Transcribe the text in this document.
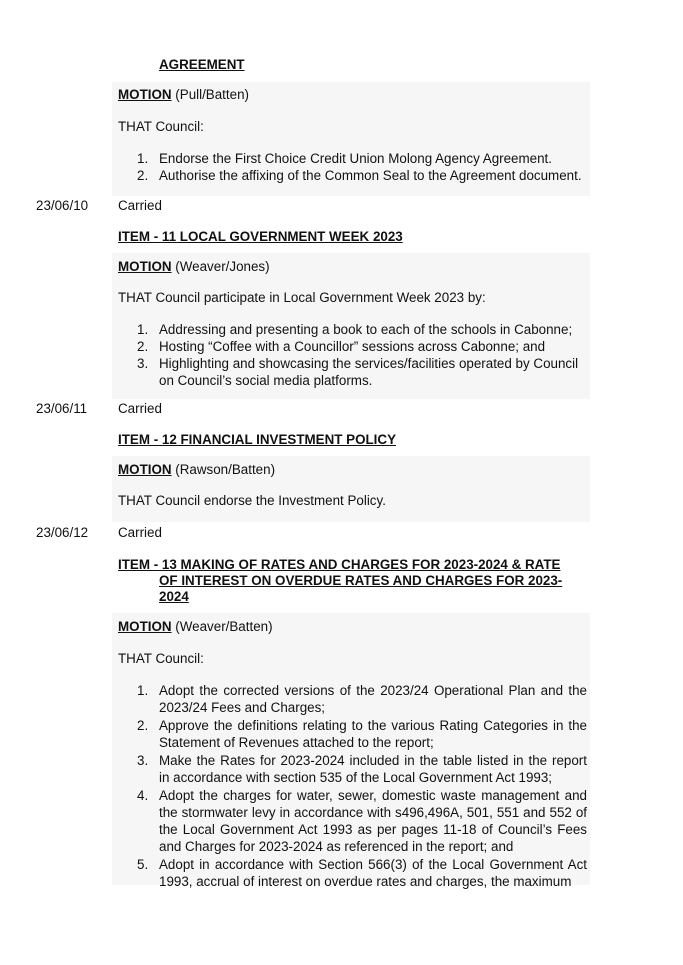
AGREEMENT
MOTION (Pull/Batten)
THAT Council:
1. Endorse the First Choice Credit Union Molong Agency Agreement.
2. Authorise the affixing of the Common Seal to the Agreement document.
23/06/10 Carried
ITEM - 11 LOCAL GOVERNMENT WEEK 2023
MOTION (Weaver/Jones)
THAT Council participate in Local Government Week 2023 by:
1. Addressing and presenting a book to each of the schools in Cabonne;
2. Hosting “Coffee with a Councillor” sessions across Cabonne; and
3. Highlighting and showcasing the services/facilities operated by Council on Council’s social media platforms.
23/06/11 Carried
ITEM - 12 FINANCIAL INVESTMENT POLICY
MOTION (Rawson/Batten)
THAT Council endorse the Investment Policy.
23/06/12 Carried
ITEM - 13 MAKING OF RATES AND CHARGES FOR 2023-2024 & RATE
OF INTEREST ON OVERDUE RATES AND CHARGES FOR 2023-
2024
MOTION (Weaver/Batten)
THAT Council:
1. Adopt the corrected versions of the 2023/24 Operational Plan and the 2023/24 Fees and Charges;
2. Approve the definitions relating to the various Rating Categories in the Statement of Revenues attached to the report;
3. Make the Rates for 2023-2024 included in the table listed in the report in accordance with section 535 of the Local Government Act 1993;
4. Adopt the charges for water, sewer, domestic waste management and the stormwater levy in accordance with s496,496A, 501, 551 and 552 of the Local Government Act 1993 as per pages 11-18 of Council’s Fees and Charges for 2023-2024 as referenced in the report; and
5. Adopt in accordance with Section 566(3) of the Local Government Act 1993, accrual of interest on overdue rates and charges, the maximum
